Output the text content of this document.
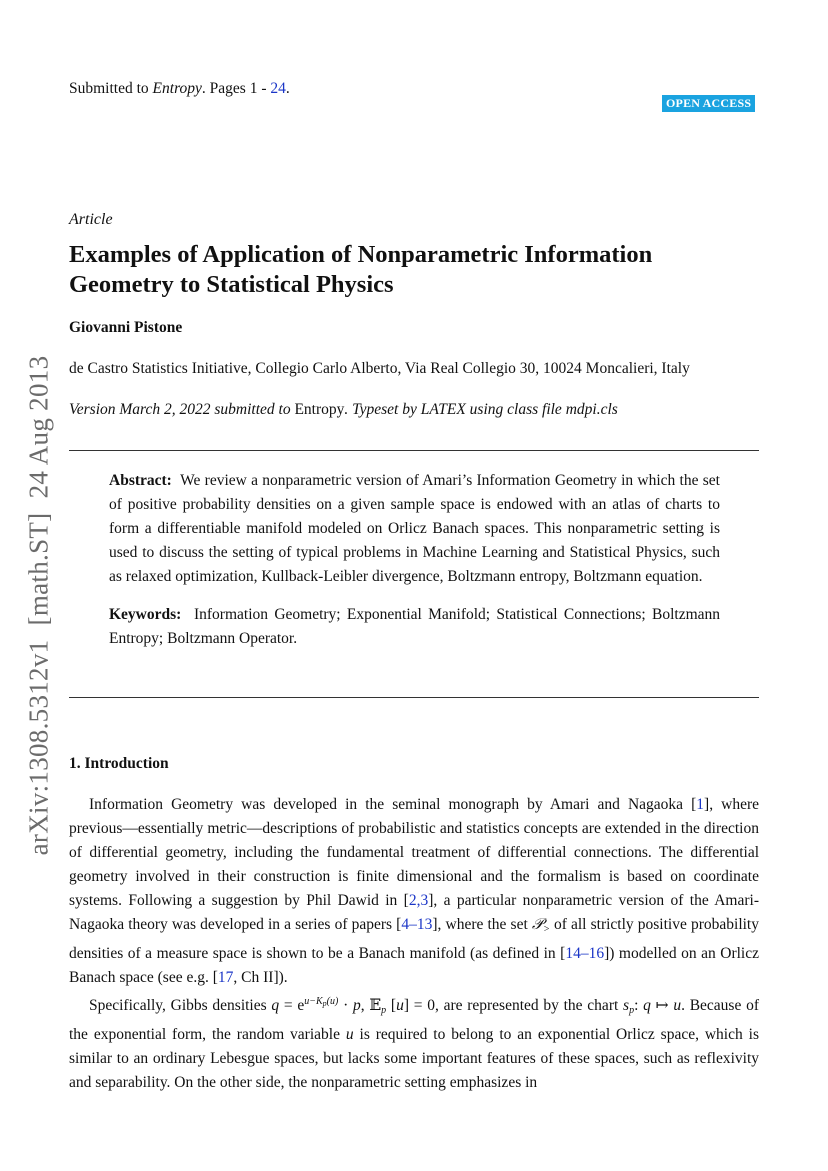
Submitted to Entropy. Pages 1 - 24.
OPEN ACCESS
arXiv:1308.5312v1  [math.ST]  24 Aug 2013
Article
Examples of Application of Nonparametric Information Geometry to Statistical Physics
Giovanni Pistone
de Castro Statistics Initiative, Collegio Carlo Alberto, Via Real Collegio 30, 10024 Moncalieri, Italy
Version March 2, 2022 submitted to Entropy. Typeset by LATEX using class file mdpi.cls

Abstract: We review a nonparametric version of Amari’s Information Geometry in which the set of positive probability densities on a given sample space is endowed with an atlas of charts to form a differentiable manifold modeled on Orlicz Banach spaces. This nonparametric setting is used to discuss the setting of typical problems in Machine Learning and Statistical Physics, such as relaxed optimization, Kullback-Leibler divergence, Boltzmann entropy, Boltzmann equation.

Keywords: Information Geometry; Exponential Manifold; Statistical Connections; Boltzmann Entropy; Boltzmann Operator.

1. Introduction

Information Geometry was developed in the seminal monograph by Amari and Nagaoka [1], where previous—essentially metric—descriptions of probabilistic and statistics concepts are extended in the direction of differential geometry, including the fundamental treatment of differential connections. The differential geometry involved in their construction is finite dimensional and the formalism is based on coordinate systems. Following a suggestion by Phil Dawid in [2,3], a particular nonparametric version of the Amari-Nagaoka theory was developed in a series of papers [4–13], where the set 𝒫$_>$ of all strictly positive probability densities of a measure space is shown to be a Banach manifold (as defined in [14–16]) modelled on an Orlicz Banach space (see e.g. [17, Ch II]).

Specifically, Gibbs densities $q = e^{u-K_p(u)} \cdot p$, 𝔼$_p$ [u] = 0, are represented by the chart $s_p$: q ↦ u. Because of the exponential form, the random variable u is required to belong to an exponential Orlicz space, which is similar to an ordinary Lebesgue spaces, but lacks some important features of these spaces, such as reflexivity and separability. On the other side, the nonparametric setting emphasizes in
